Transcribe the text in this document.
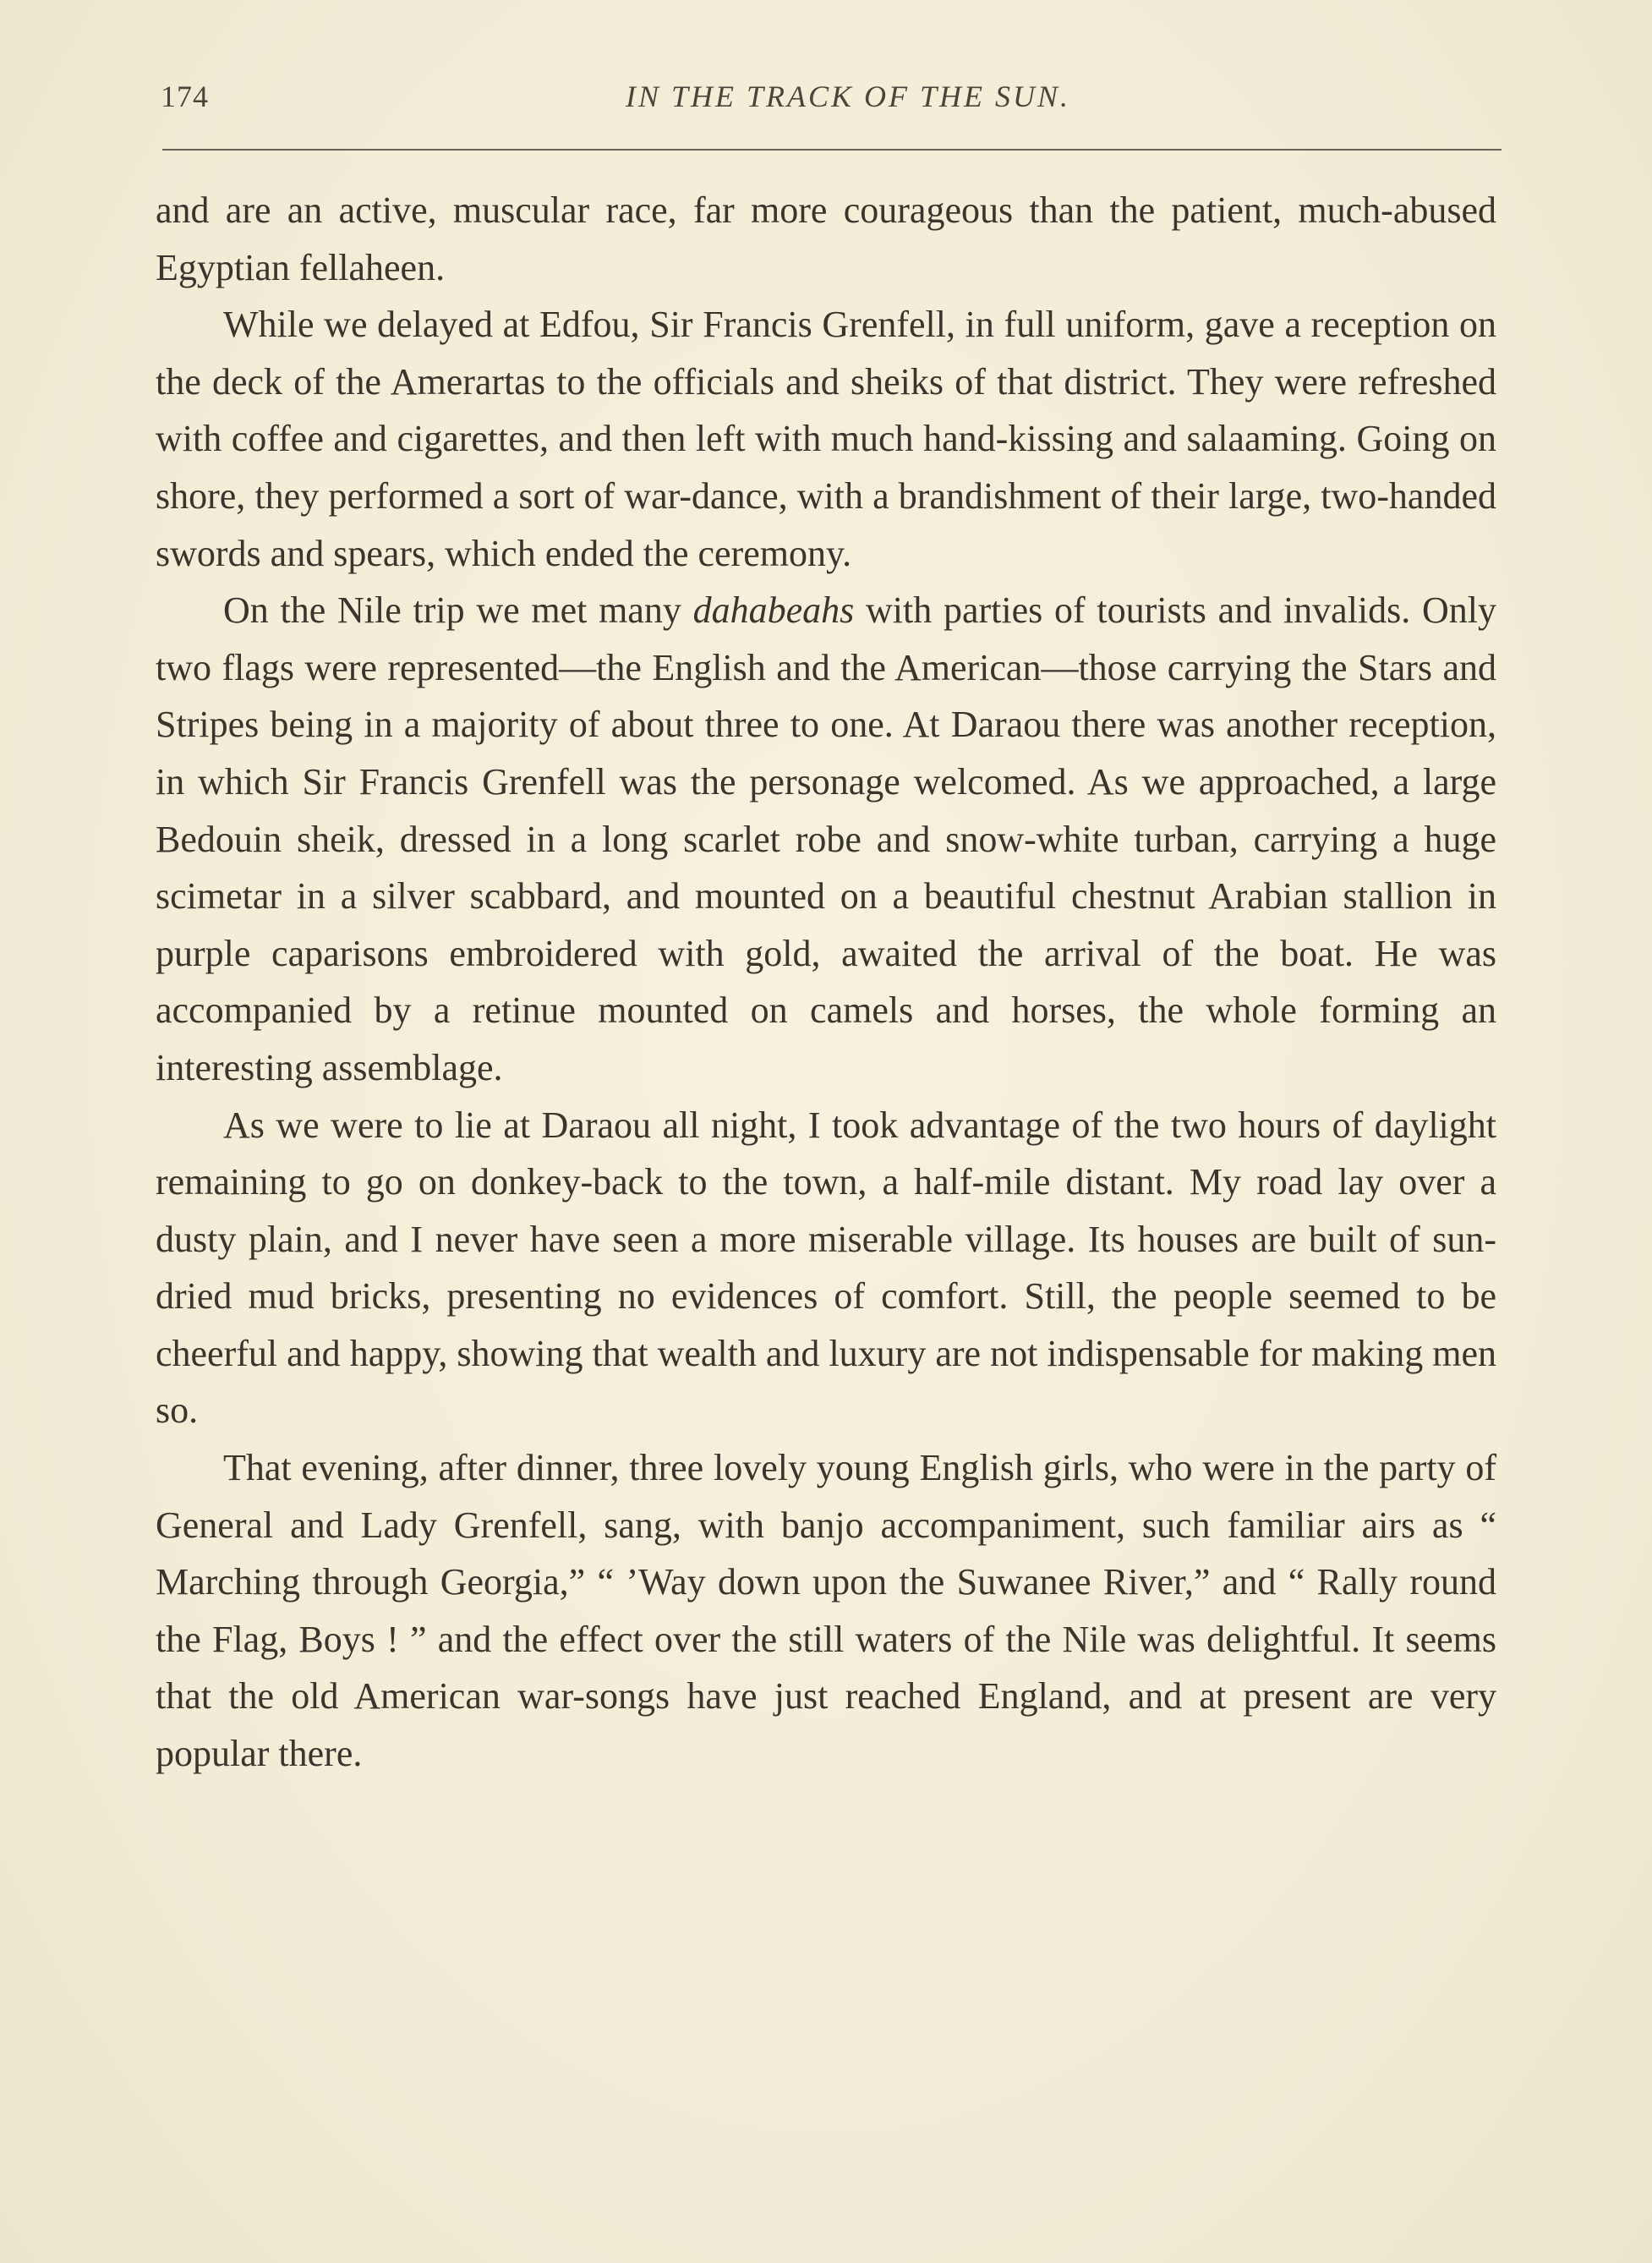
174	IN THE TRACK OF THE SUN.

and are an active, muscular race, far more courageous than the patient, much-abused Egyptian fellaheen.

While we delayed at Edfou, Sir Francis Grenfell, in full uniform, gave a reception on the deck of the Amerartas to the officials and sheiks of that district. They were refreshed with coffee and cigarettes, and then left with much hand-kissing and salaaming. Going on shore, they performed a sort of war-dance, with a brandishment of their large, two-handed swords and spears, which ended the ceremony.

On the Nile trip we met many dahabeahs with parties of tourists and invalids. Only two flags were represented—the English and the American—those carrying the Stars and Stripes being in a majority of about three to one. At Daraou there was another reception, in which Sir Francis Grenfell was the personage welcomed. As we approached, a large Bedouin sheik, dressed in a long scarlet robe and snow-white turban, carrying a huge scimetar in a silver scabbard, and mounted on a beautiful chestnut Arabian stallion in purple caparisons embroidered with gold, awaited the arrival of the boat. He was accompanied by a retinue mounted on camels and horses, the whole forming an interesting assemblage.

As we were to lie at Daraou all night, I took advantage of the two hours of daylight remaining to go on donkey-back to the town, a half-mile distant. My road lay over a dusty plain, and I never have seen a more miserable village. Its houses are built of sun-dried mud bricks, presenting no evidences of comfort. Still, the people seemed to be cheerful and happy, showing that wealth and luxury are not indispensable for making men so.

That evening, after dinner, three lovely young English girls, who were in the party of General and Lady Grenfell, sang, with banjo accompaniment, such familiar airs as “ Marching through Georgia,” “ ’Way down upon the Suwanee River,” and “ Rally round the Flag, Boys ! ” and the effect over the still waters of the Nile was delightful. It seems that the old American war-songs have just reached England, and at present are very popular there.
